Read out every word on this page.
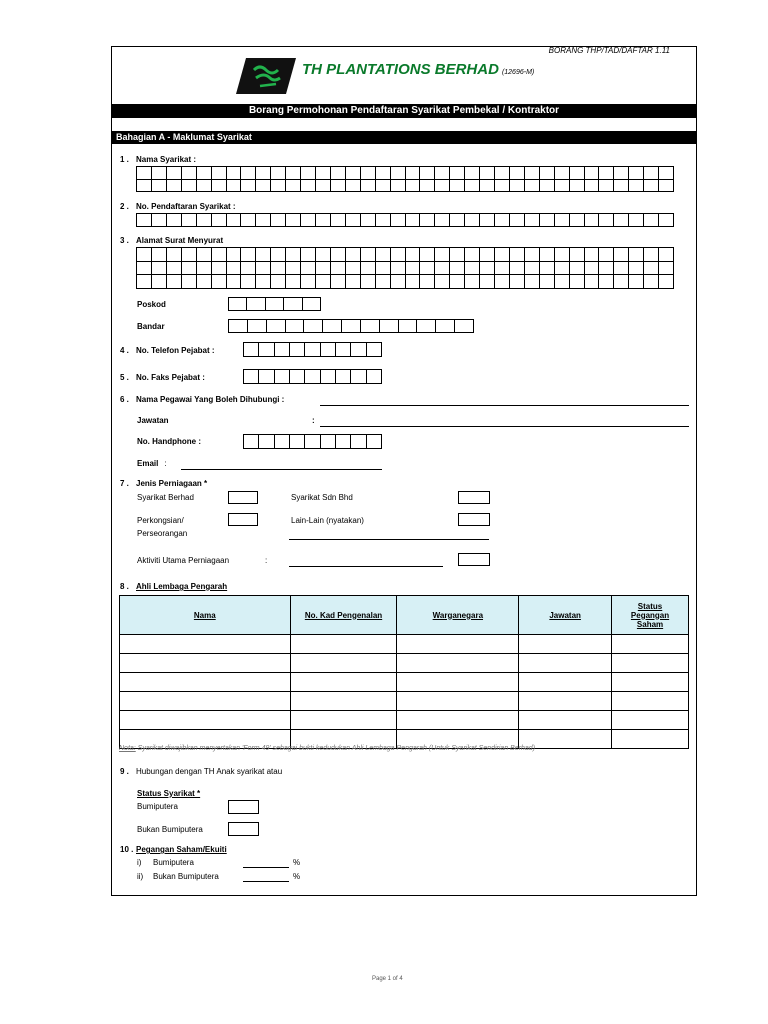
BORANG THP/TAD/DAFTAR 1.11
TH PLANTATIONS BERHAD (12696-M)
Borang Permohonan Pendaftaran Syarikat Pembekal / Kontraktor
Bahagian A - Maklumat Syarikat
1 . Nama Syarikat :
2 . No. Pendaftaran Syarikat :
3 . Alamat Surat Menyurat
Poskod
Bandar
4 . No. Telefon Pejabat :
5 . No. Faks Pejabat :
6 . Nama Pegawai Yang Boleh Dihubungi :
Jawatan	:
No. Handphone :
Email :
7 . Jenis Perniagaan *
Syarikat Berhad	Syarikat Sdn Bhd
Perkongsian/
Perseorangan
Lain-Lain (nyatakan)
Aktiviti Utama Perniagaan	:
8 . Ahli Lembaga Pengarah
Nama	No. Kad Pengenalan	Warganegara	Jawatan	Status
Pegangan
Saham

Nota: Syarikat diwajibkan menyertakan 'Form 49' sebagai bukti kedudukan Ahli Lembaga Pengarah (Untuk Syarikat Sendirian Berhad)
9 . Hubungan dengan TH Anak syarikat atau
Status Syarikat *
Bumiputera
Bukan Bumiputera
10 . Pegangan Saham/Ekuiti
i) Bumiputera	%
ii) Bukan Bumiputera	%
Page 1 of 4
